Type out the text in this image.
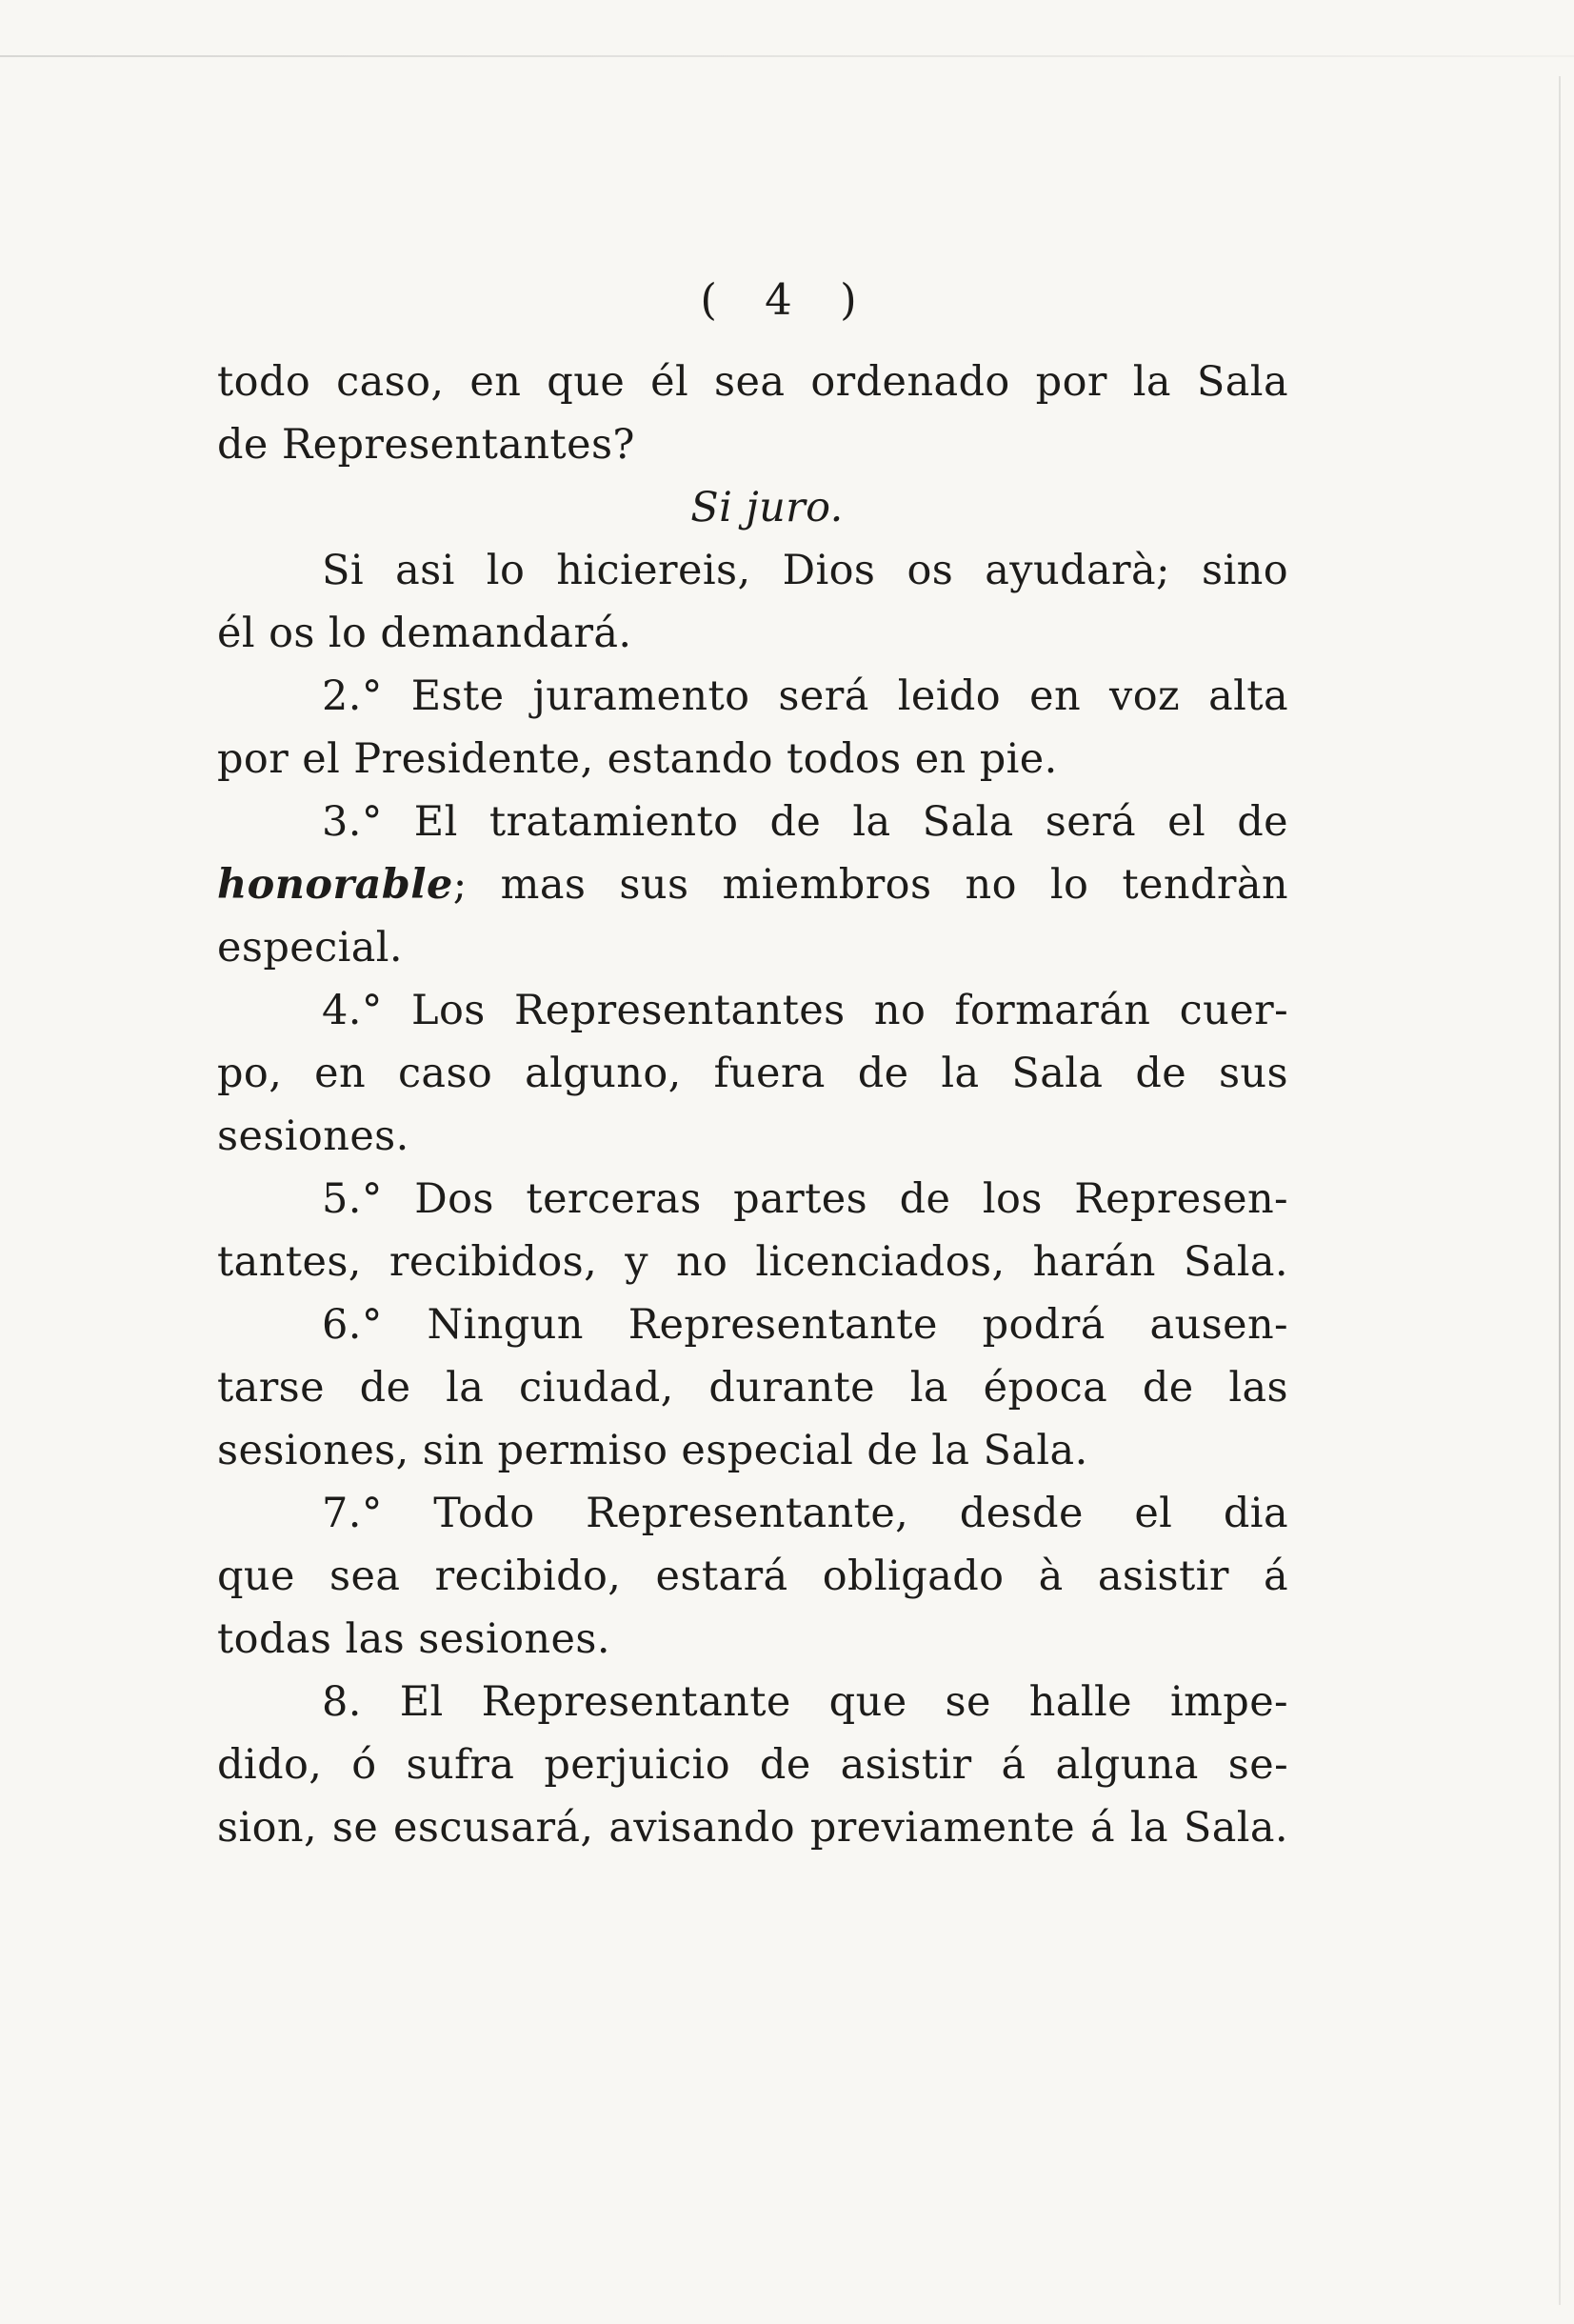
( 4 )
todo caso, en que él sea ordenado por la Sala
de Representantes?
Si juro.
Si asi lo hiciereis, Dios os ayudarà; sino
él os lo demandará.
2.° Este juramento será leido en voz alta
por el Presidente, estando todos en pie.
3.° El tratamiento de la Sala será el de
honorable; mas sus miembros no lo tendràn
especial.
4.° Los Representantes no formarán cuer-
po, en caso alguno, fuera de la Sala de sus
sesiones.
5.° Dos terceras partes de los Represen-
tantes, recibidos, y no licenciados, harán Sala.
6.° Ningun Representante podrá ausen-
tarse de la ciudad, durante la época de las
sesiones, sin permiso especial de la Sala.
7.° Todo Representante, desde el dia
que sea recibido, estará obligado à asistir á
todas las sesiones.
8. El Representante que se halle impe-
dido, ó sufra perjuicio de asistir á alguna se-
sion, se escusará, avisando previamente á la Sala.
